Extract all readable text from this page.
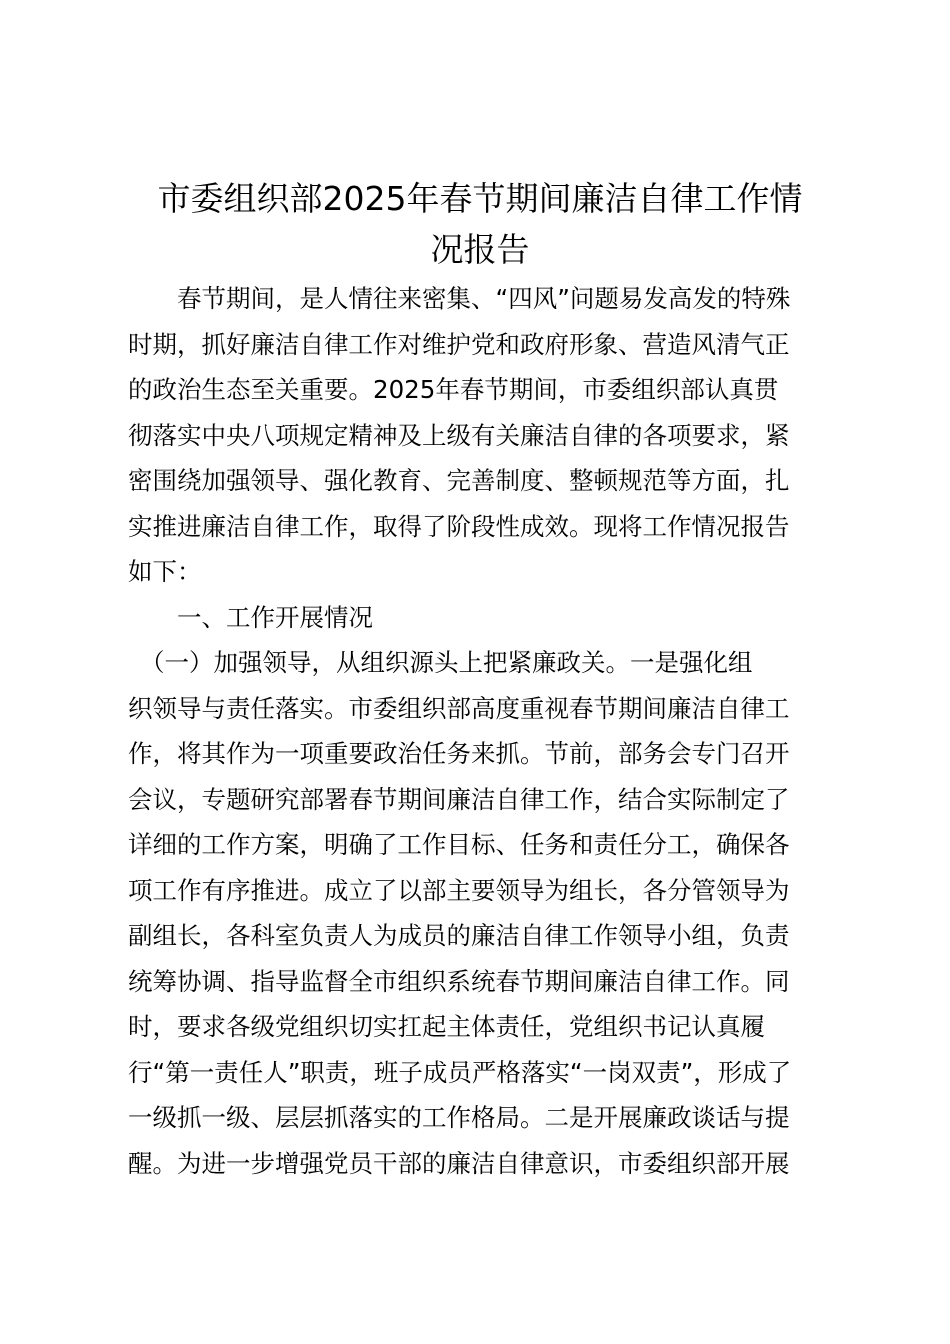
市委组织部2025年春节期间廉洁自律工作情
况报告
春节期间，是人情往来密集、“四风”问题易发高发的特殊
时期，抓好廉洁自律工作对维护党和政府形象、营造风清气正
的政治生态至关重要。2025年春节期间，市委组织部认真贯
彻落实中央八项规定精神及上级有关廉洁自律的各项要求，紧
密围绕加强领导、强化教育、完善制度、整顿规范等方面，扎
实推进廉洁自律工作，取得了阶段性成效。现将工作情况报告
如下：
一、工作开展情况
（一）加强领导，从组织源头上把紧廉政关。一是强化组
织领导与责任落实。市委组织部高度重视春节期间廉洁自律工
作，将其作为一项重要政治任务来抓。节前，部务会专门召开
会议，专题研究部署春节期间廉洁自律工作，结合实际制定了
详细的工作方案，明确了工作目标、任务和责任分工，确保各
项工作有序推进。成立了以部主要领导为组长，各分管领导为
副组长，各科室负责人为成员的廉洁自律工作领导小组，负责
统筹协调、指导监督全市组织系统春节期间廉洁自律工作。同
时，要求各级党组织切实扛起主体责任，党组织书记认真履
行“第一责任人”职责，班子成员严格落实“一岗双责”，形成了
一级抓一级、层层抓落实的工作格局。二是开展廉政谈话与提
醒。为进一步增强党员干部的廉洁自律意识，市委组织部开展
